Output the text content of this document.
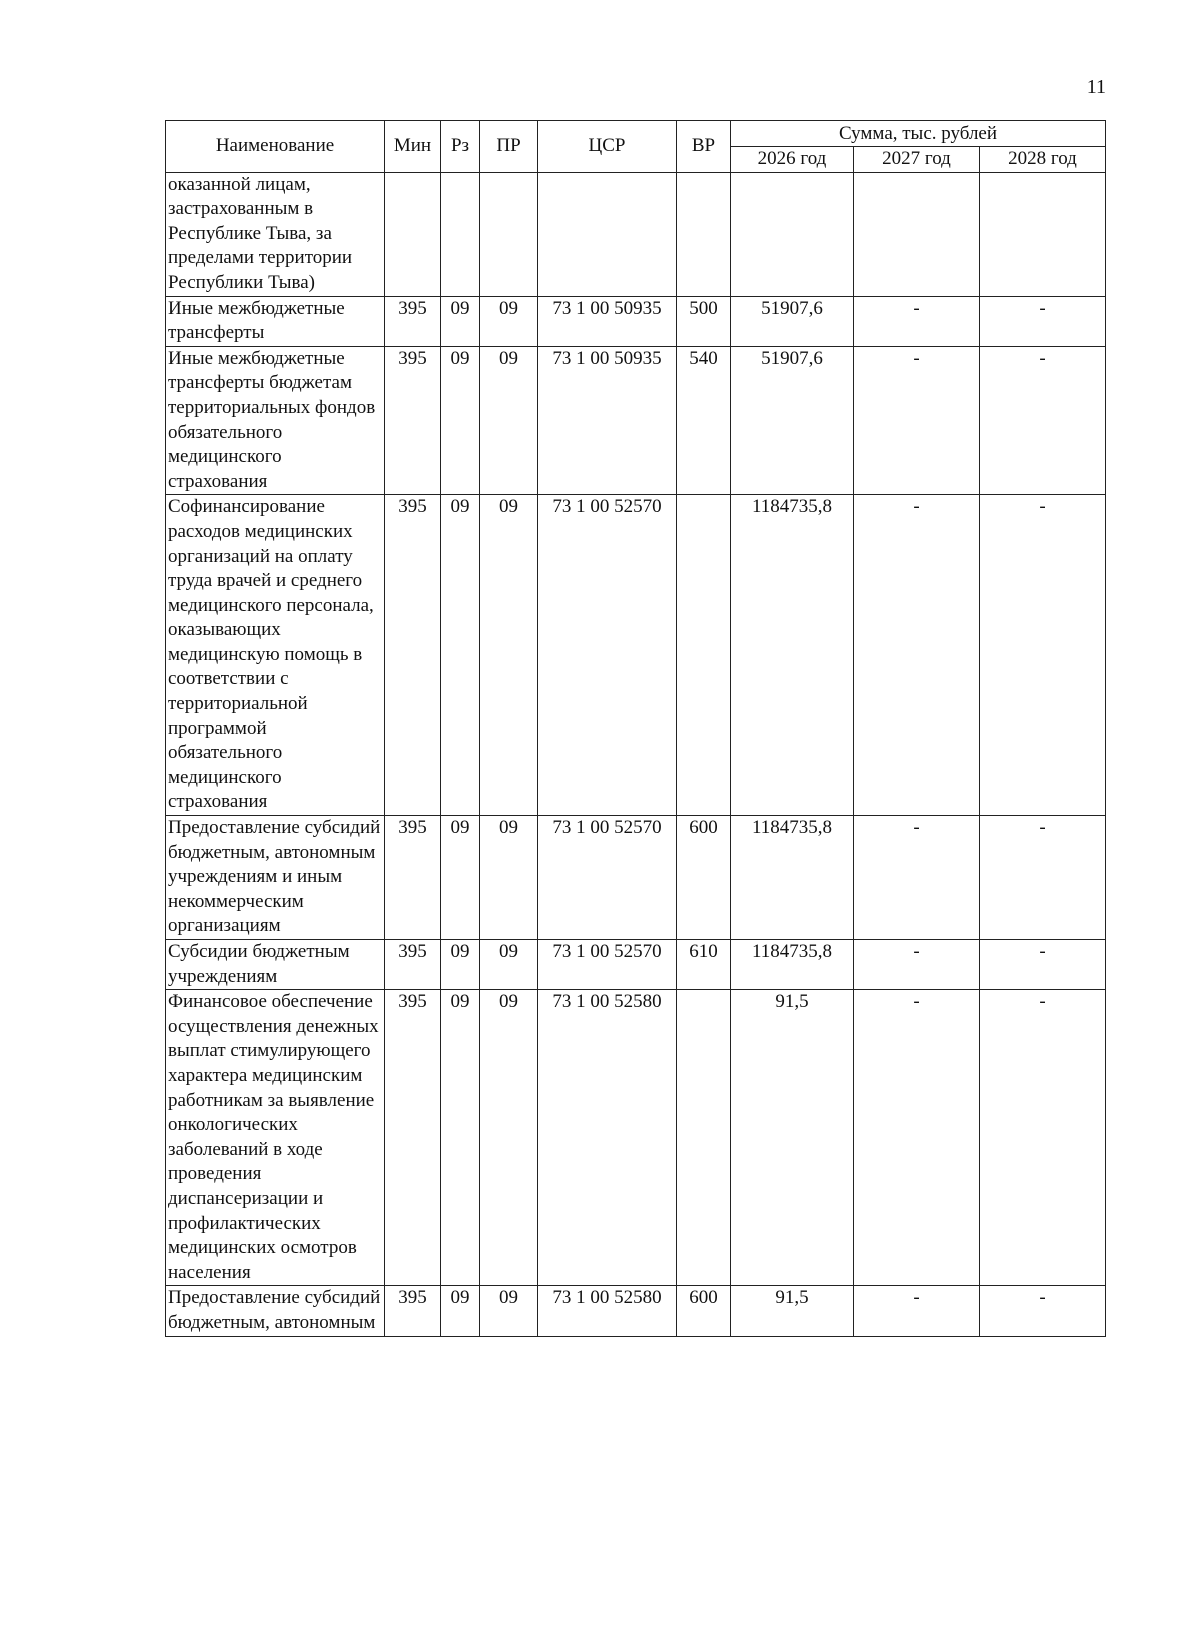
11
Наименование	Мин	Рз	ПР	ЦСР	ВР	Сумма, тыс. рублей		
						2026 год	2027 год	2028 год
оказанной лицам, застрахованным в Республике Тыва, за пределами территории Республики Тыва)								
Иные межбюджетные трансферты	395	09	09	73 1 00 50935	500	51907,6	-	-
Иные межбюджетные трансферты бюджетам территориальных фондов обязательного медицинского страхования	395	09	09	73 1 00 50935	540	51907,6	-	-
Софинансирование расходов медицинских организаций на оплату труда врачей и среднего медицинского персонала, оказывающих медицинскую помощь в соответствии с территориальной программой обязательного медицинского страхования	395	09	09	73 1 00 52570		1184735,8	-	-
Предоставление субсидий бюджетным, автономным учреждениям и иным некоммерческим организациям	395	09	09	73 1 00 52570	600	1184735,8	-	-
Субсидии бюджетным учреждениям	395	09	09	73 1 00 52570	610	1184735,8	-	-
Финансовое обеспечение осуществления денежных выплат стимулирующего характера медицинским работникам за выявление онкологических заболеваний в ходе проведения диспансеризации и профилактических медицинских осмотров населения	395	09	09	73 1 00 52580		91,5	-	-
Предоставление субсидий бюджетным, автономным	395	09	09	73 1 00 52580	600	91,5	-	-
